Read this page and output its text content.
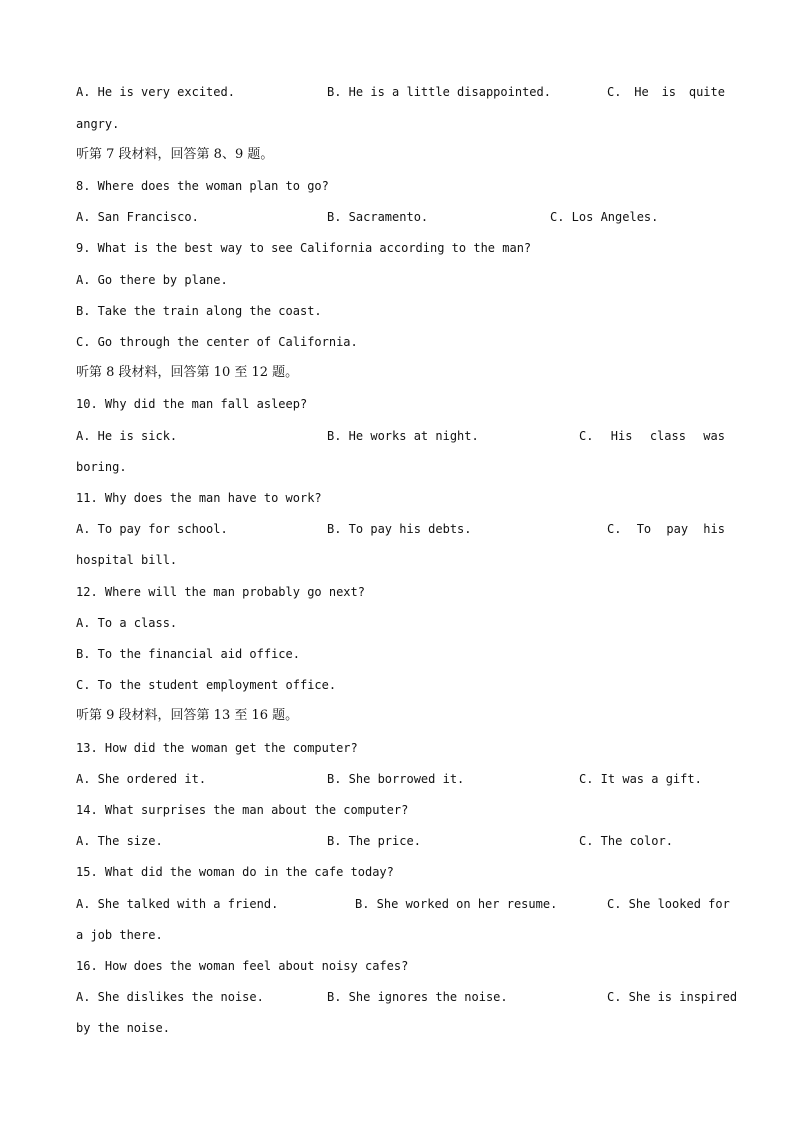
A. He is very excited.	B. He is a little disappointed.	C. He is quite
angry.
听第 7 段材料，回答第 8、9 题。
8. Where does the woman plan to go?
A. San Francisco.	B. Sacramento.	C. Los Angeles.
9. What is the best way to see California according to the man?
A. Go there by plane.
B. Take the train along the coast.
C. Go through the center of California.
听第 8 段材料，回答第 10 至 12 题。
10. Why did the man fall asleep?
A. He is sick.	B. He works at night.	C. His class was
boring.
11. Why does the man have to work?
A. To pay for school.	B. To pay his debts.	C. To pay his
hospital bill.
12. Where will the man probably go next?
A. To a class.
B. To the financial aid office.
C. To the student employment office.
听第 9 段材料，回答第 13 至 16 题。
13. How did the woman get the computer?
A. She ordered it.	B. She borrowed it.	C. It was a gift.
14. What surprises the man about the computer?
A. The size.	B. The price.	C. The color.
15. What did the woman do in the cafe today?
A. She talked with a friend.	B. She worked on her resume.	C. She looked for
a job there.
16. How does the woman feel about noisy cafes?
A. She dislikes the noise.	B. She ignores the noise.	C. She is inspired
by the noise.
